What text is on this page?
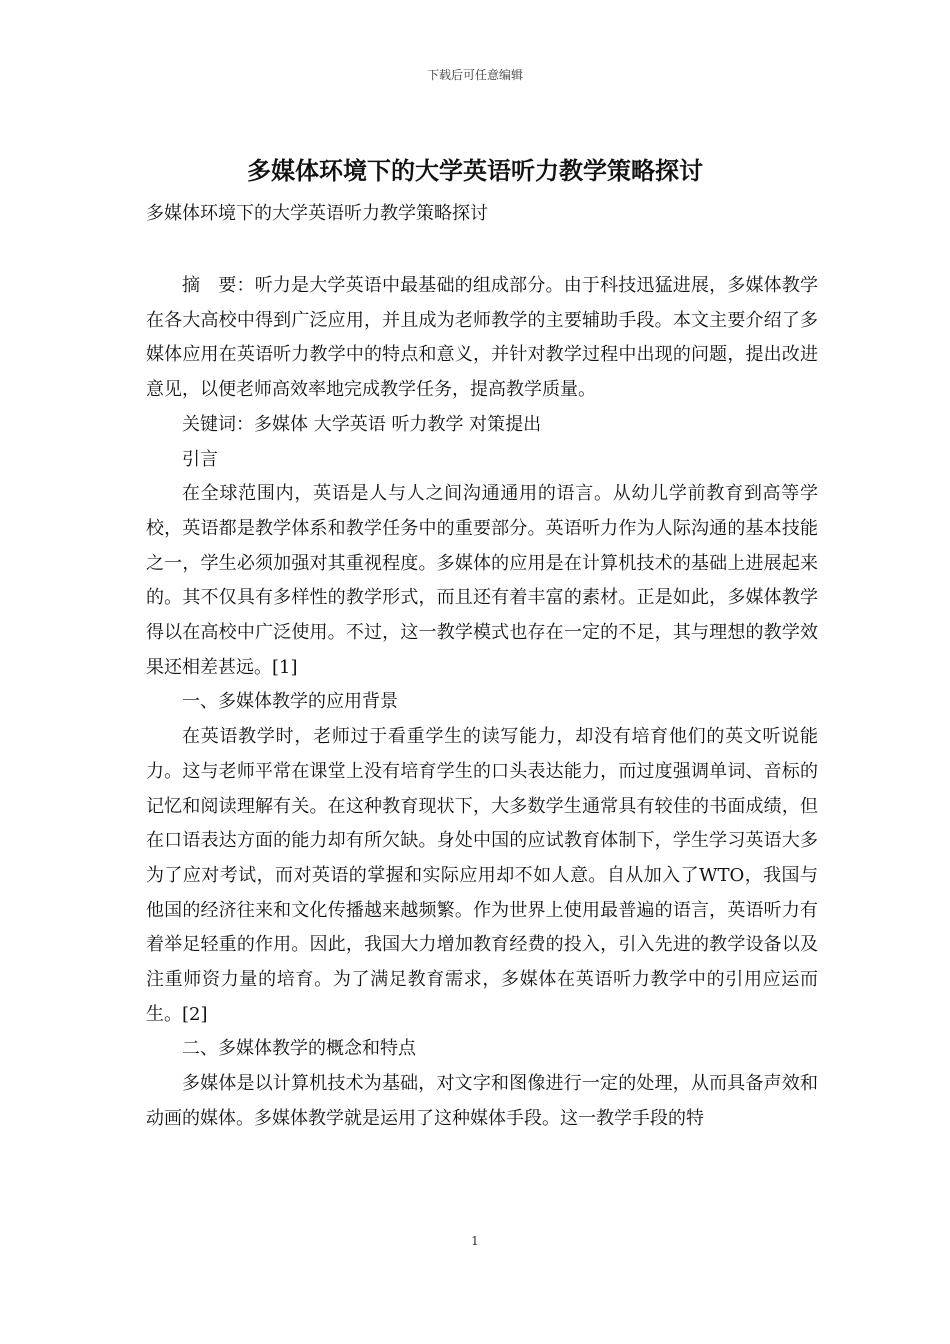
下载后可任意编辑
多媒体环境下的大学英语听力教学策略探讨

多媒体环境下的大学英语听力教学策略探讨

摘　要：听力是大学英语中最基础的组成部分。由于科技迅猛进展，多媒体教学在各大高校中得到广泛应用，并且成为老师教学的主要辅助手段。本文主要介绍了多媒体应用在英语听力教学中的特点和意义，并针对教学过程中出现的问题，提出改进意见，以便老师高效率地完成教学任务，提高教学质量。

关键词：多媒体 大学英语 听力教学 对策提出

引言

在全球范围内，英语是人与人之间沟通通用的语言。从幼儿学前教育到高等学校，英语都是教学体系和教学任务中的重要部分。英语听力作为人际沟通的基本技能之一，学生必须加强对其重视程度。多媒体的应用是在计算机技术的基础上进展起来的。其不仅具有多样性的教学形式，而且还有着丰富的素材。正是如此，多媒体教学得以在高校中广泛使用。不过，这一教学模式也存在一定的不足，其与理想的教学效果还相差甚远。[1]

一、多媒体教学的应用背景

在英语教学时，老师过于看重学生的读写能力，却没有培育他们的英文听说能力。这与老师平常在课堂上没有培育学生的口头表达能力，而过度强调单词、音标的记忆和阅读理解有关。在这种教育现状下，大多数学生通常具有较佳的书面成绩，但在口语表达方面的能力却有所欠缺。身处中国的应试教育体制下，学生学习英语大多为了应对考试，而对英语的掌握和实际应用却不如人意。自从加入了WTO，我国与他国的经济往来和文化传播越来越频繁。作为世界上使用最普遍的语言，英语听力有着举足轻重的作用。因此，我国大力增加教育经费的投入，引入先进的教学设备以及注重师资力量的培育。为了满足教育需求，多媒体在英语听力教学中的引用应运而生。[2]

二、多媒体教学的概念和特点

多媒体是以计算机技术为基础，对文字和图像进行一定的处理，从而具备声效和动画的媒体。多媒体教学就是运用了这种媒体手段。这一教学手段的特

1
